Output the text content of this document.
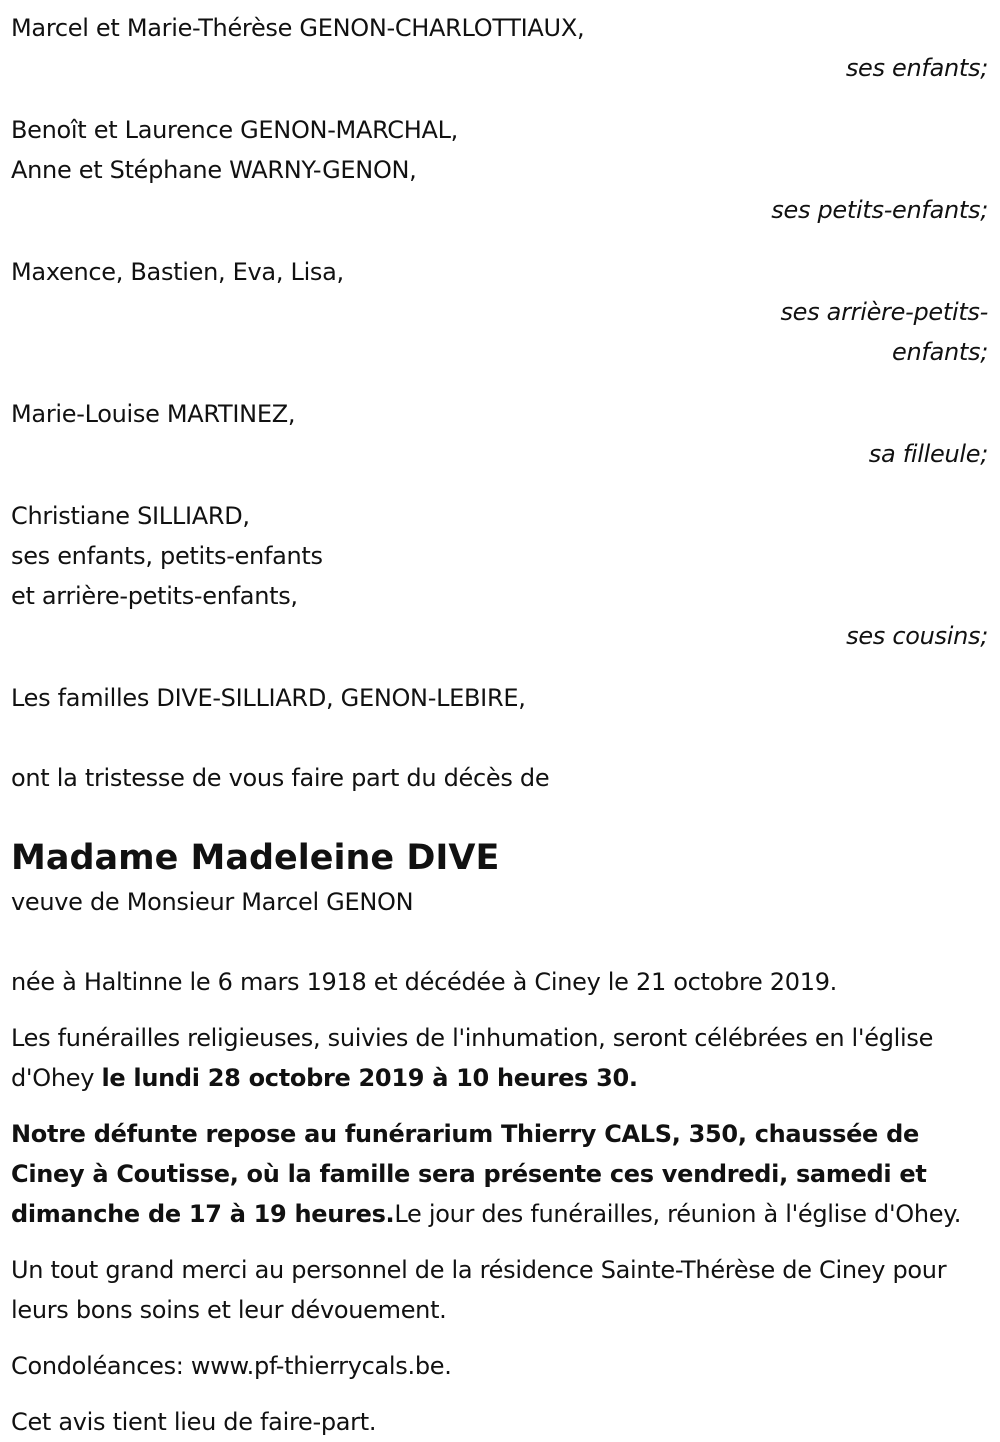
Marcel et Marie-Thérèse GENON-CHARLOTTIAUX,
ses enfants;
Benoît et Laurence GENON-MARCHAL,
Anne et Stéphane WARNY-GENON,
ses petits-enfants;
Maxence, Bastien, Eva, Lisa,
ses arrière-petits-enfants;
Marie-Louise MARTINEZ,
sa filleule;
Christiane SILLIARD,
ses enfants, petits-enfants
et arrière-petits-enfants,
ses cousins;
Les familles DIVE-SILLIARD, GENON-LEBIRE,

ont la tristesse de vous faire part du décès de

Madame Madeleine DIVE
veuve de Monsieur Marcel GENON

née à Haltinne le 6 mars 1918 et décédée à Ciney le 21 octobre 2019.

Les funérailles religieuses, suivies de l'inhumation, seront célébrées en l'église d'Ohey le lundi 28 octobre 2019 à 10 heures 30.

Notre défunte repose au funérarium Thierry CALS, 350, chaussée de Ciney à Coutisse, où la famille sera présente ces vendredi, samedi et dimanche de 17 à 19 heures.Le jour des funérailles, réunion à l'église d'Ohey.

Un tout grand merci au personnel de la résidence Sainte-Thérèse de Ciney pour leurs bons soins et leur dévouement.

Condoléances: www.pf-thierrycals.be.

Cet avis tient lieu de faire-part.
